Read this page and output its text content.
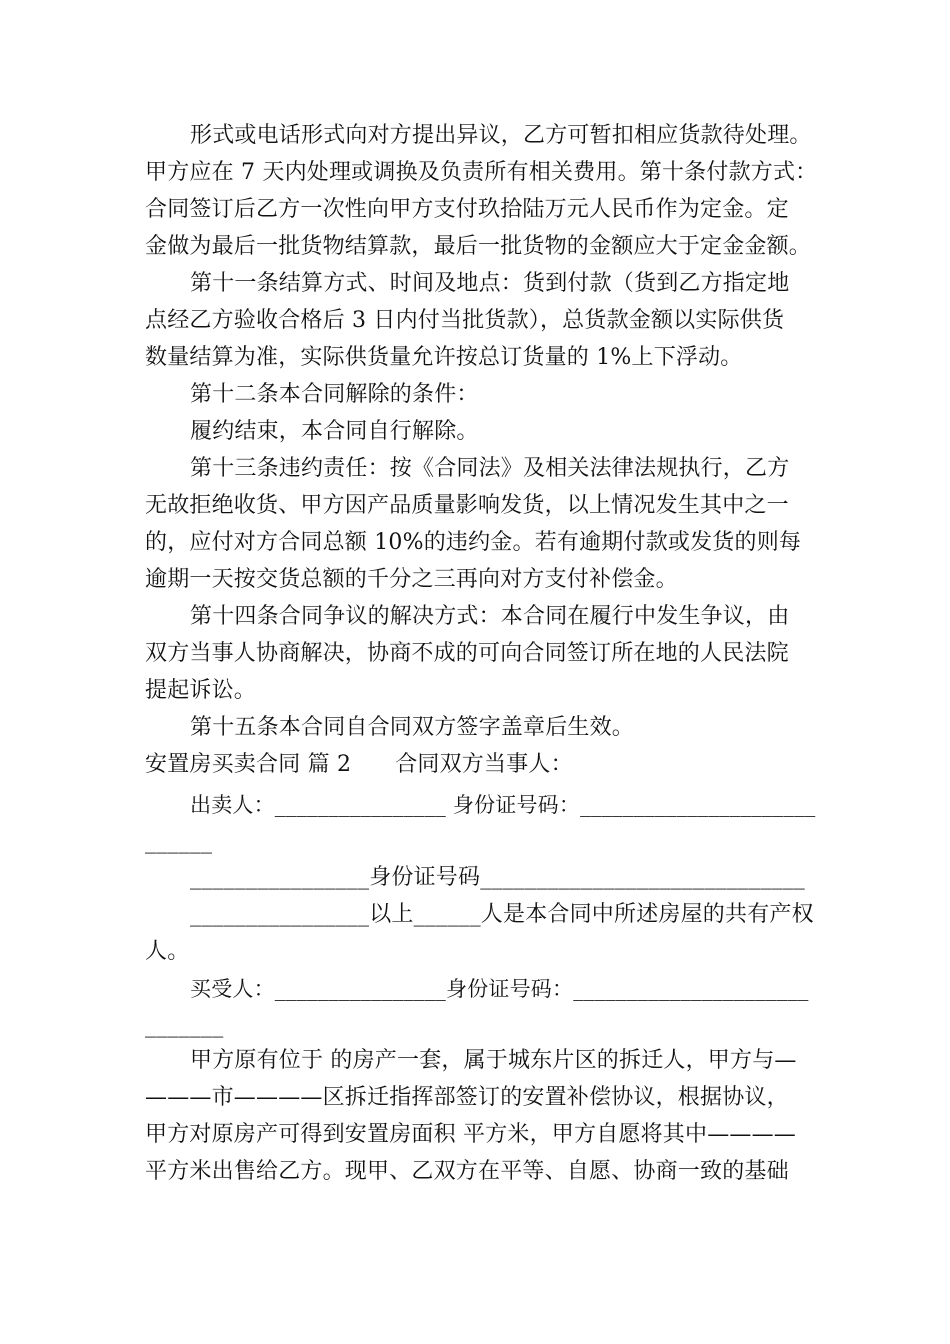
形式或电话形式向对方提出异议，乙方可暂扣相应货款待处理。
甲方应在 7 天内处理或调换及负责所有相关费用。第十条付款方式：
合同签订后乙方一次性向甲方支付玖拾陆万元人民币作为定金。定
金做为最后一批货物结算款，最后一批货物的金额应大于定金金额。
第十一条结算方式、时间及地点：货到付款（货到乙方指定地
点经乙方验收合格后 3 日内付当批货款），总货款金额以实际供货
数量结算为准，实际供货量允许按总订货量的 1%上下浮动。
第十二条本合同解除的条件：
履约结束，本合同自行解除。
第十三条违约责任：按《合同法》及相关法律法规执行，乙方
无故拒绝收货、甲方因产品质量影响发货，以上情况发生其中之一
的，应付对方合同总额 10%的违约金。若有逾期付款或发货的则每
逾期一天按交货总额的千分之三再向对方支付补偿金。
第十四条合同争议的解决方式：本合同在履行中发生争议，由
双方当事人协商解决，协商不成的可向合同签订所在地的人民法院
提起诉讼。
第十五条本合同自合同双方签字盖章后生效。
安置房买卖合同 篇 2 合同双方当事人：
出卖人：________________ 身份证号码：______________________
______
________________身份证号码_____________________________
________________以上______人是本合同中所述房屋的共有产权
人。
买受人：________________身份证号码：______________________
_______
甲方原有位于 的房产一套，属于城东片区的拆迁人，甲方与—
———市————区拆迁指挥部签订的安置补偿协议，根据协议，
甲方对原房产可得到安置房面积 平方米，甲方自愿将其中————
平方米出售给乙方。现甲、乙双方在平等、自愿、协商一致的基础
